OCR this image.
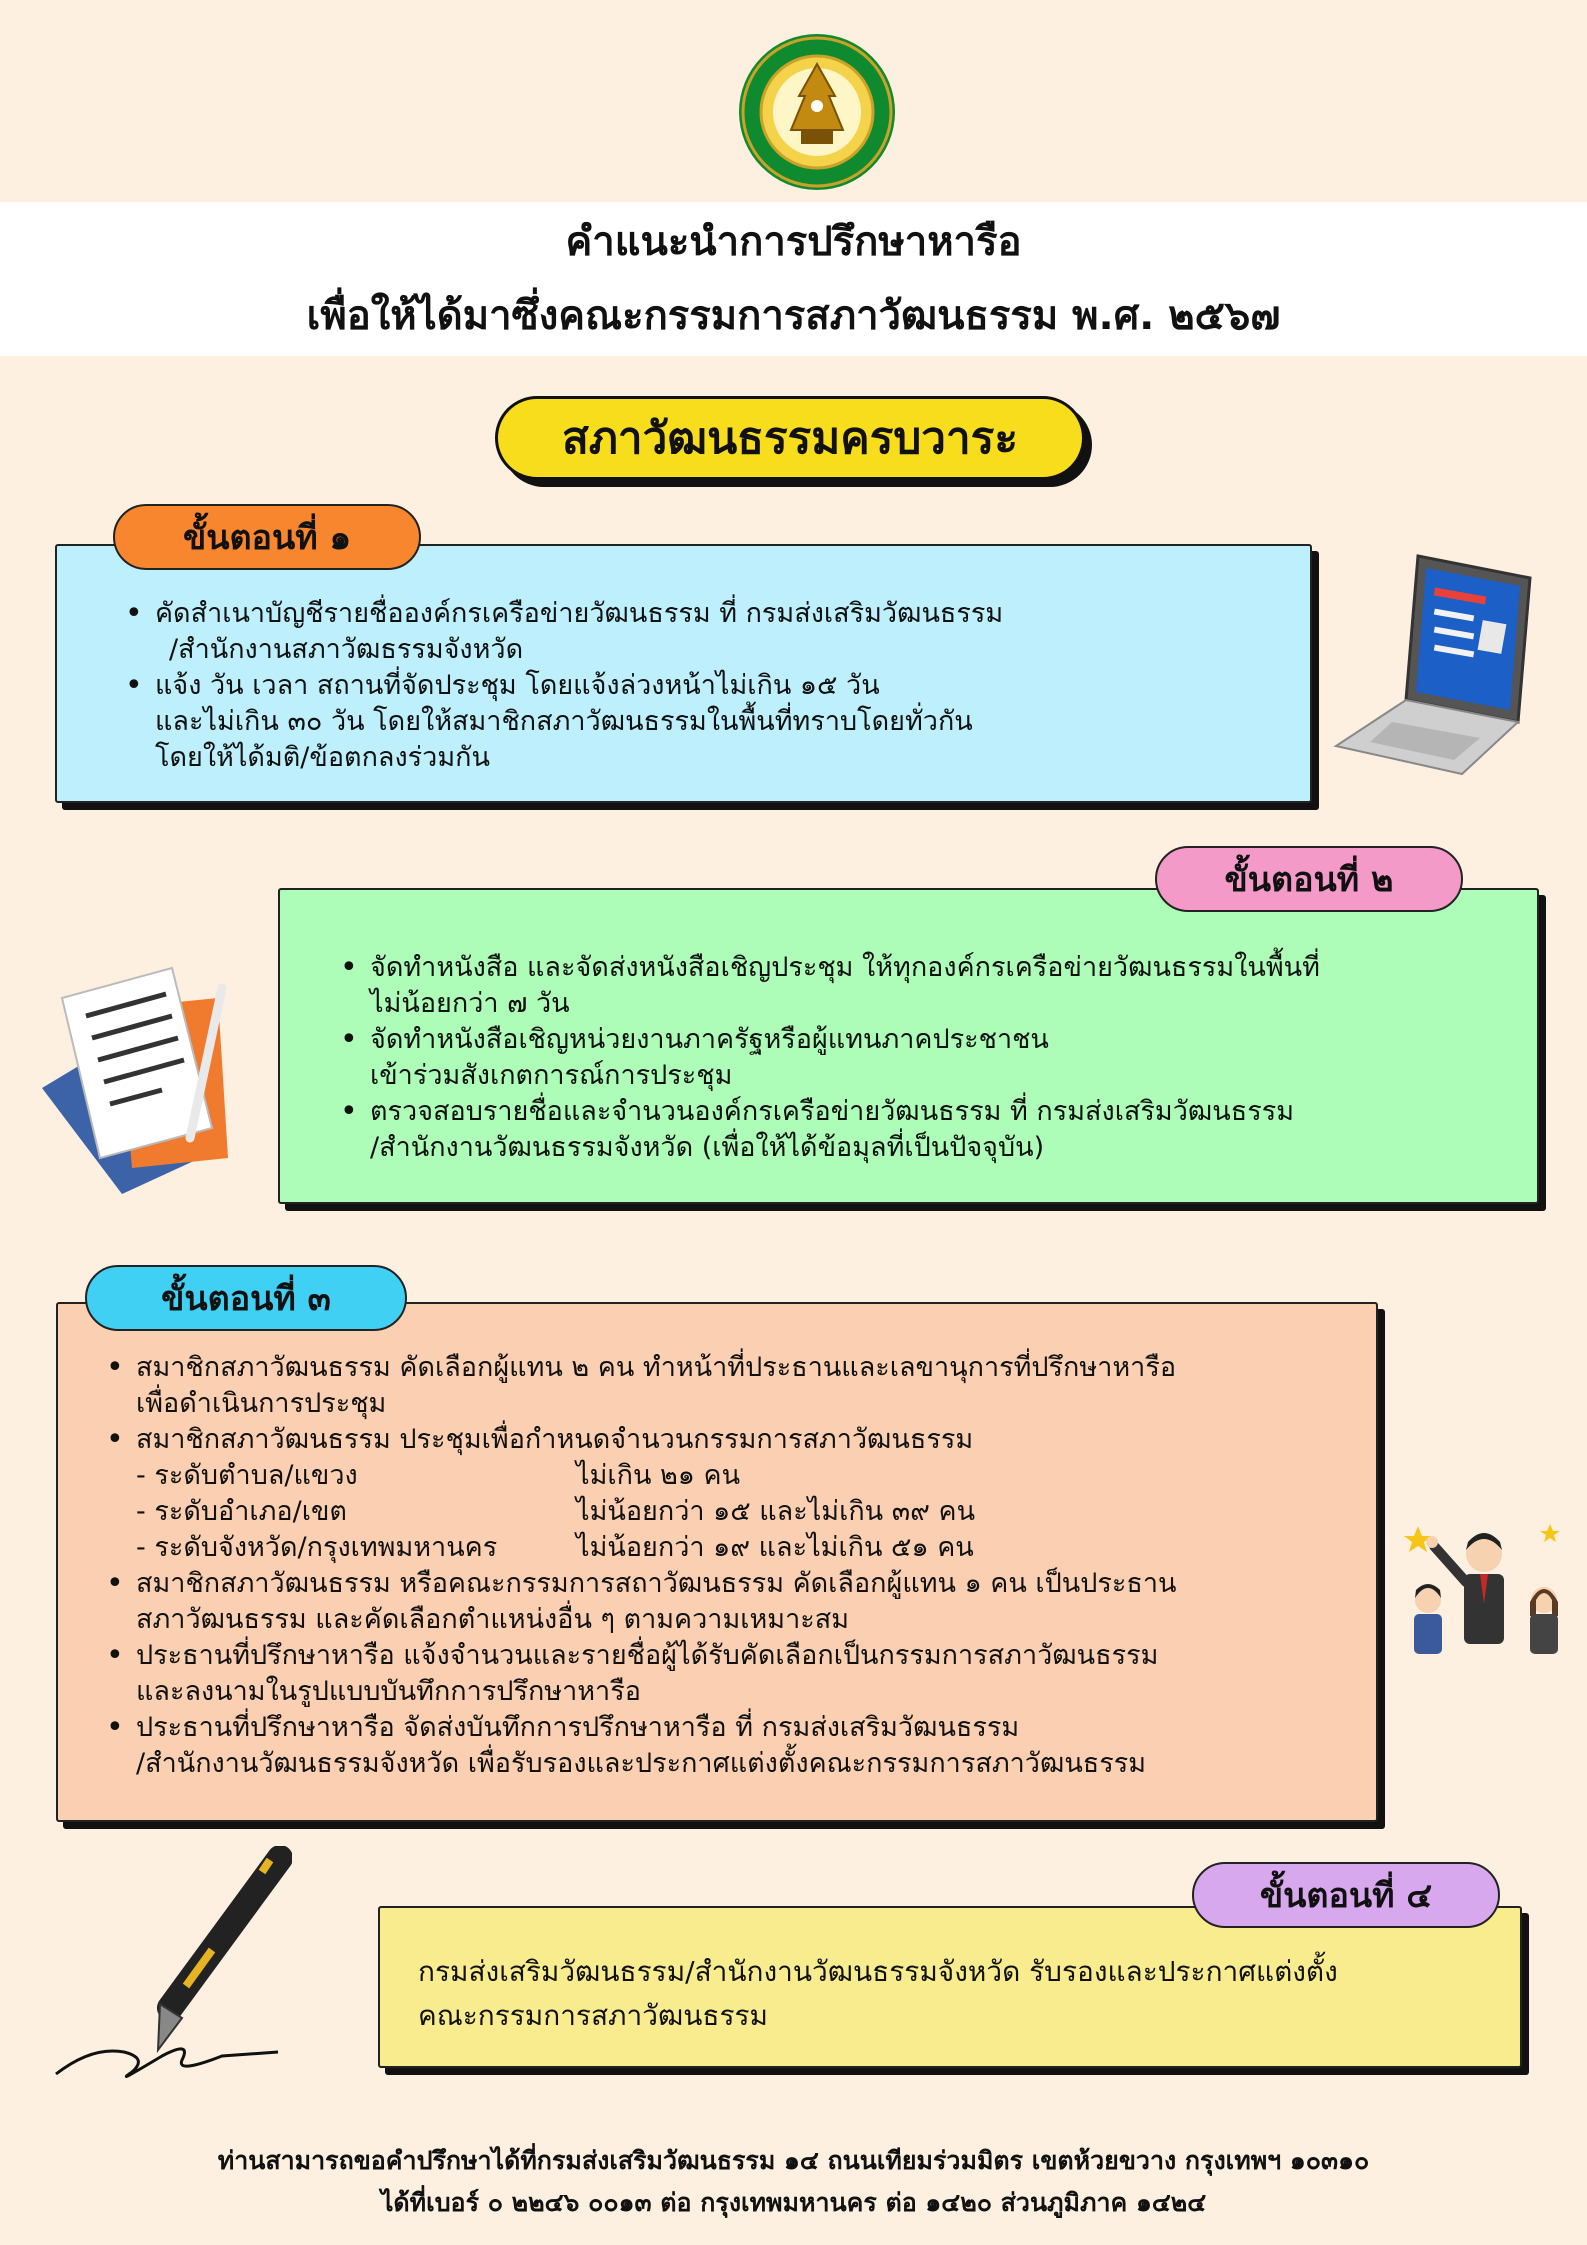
คำแนะนำการปรึกษาหารือ
เพื่อให้ได้มาซึ่งคณะกรรมการสภาวัฒนธรรม พ.ศ. ๒๕๖๗
สภาวัฒนธรรมครบวาระ
ขั้นตอนที่ ๑
• คัดสำเนาบัญชีรายชื่อองค์กรเครือข่ายวัฒนธรรม ที่ กรมส่งเสริมวัฒนธรรม
/สำนักงานสภาวัฒธรรมจังหวัด
• แจ้ง วัน เวลา สถานที่จัดประชุม โดยแจ้งล่วงหน้าไม่เกิน ๑๕ วัน
และไม่เกิน ๓๐ วัน โดยให้สมาชิกสภาวัฒนธรรมในพื้นที่ทราบโดยทั่วกัน
โดยให้ได้มติ/ข้อตกลงร่วมกัน
ขั้นตอนที่ ๒
• จัดทำหนังสือ และจัดส่งหนังสือเชิญประชุม ให้ทุกองค์กรเครือข่ายวัฒนธรรมในพื้นที่
ไม่น้อยกว่า ๗ วัน
• จัดทำหนังสือเชิญหน่วยงานภาครัฐหรือผู้แทนภาคประชาชน
เข้าร่วมสังเกตการณ์การประชุม
• ตรวจสอบรายชื่อและจำนวนองค์กรเครือข่ายวัฒนธรรม ที่ กรมส่งเสริมวัฒนธรรม
/สำนักงานวัฒนธรรมจังหวัด (เพื่อให้ได้ข้อมุลที่เป็นปัจจุบัน)
ขั้นตอนที่ ๓
• สมาชิกสภาวัฒนธรรม คัดเลือกผู้แทน ๒ คน ทำหน้าที่ประธานและเลขานุการที่ปรึกษาหารือ
เพื่อดำเนินการประชุม
• สมาชิกสภาวัฒนธรรม ประชุมเพื่อกำหนดจำนวนกรรมการสภาวัฒนธรรม
- ระดับตำบล/แขวง	ไม่เกิน ๒๑ คน
- ระดับอำเภอ/เขต	ไม่น้อยกว่า ๑๕ และไม่เกิน ๓๙ คน
- ระดับจังหวัด/กรุงเทพมหานคร	ไม่น้อยกว่า ๑๙ และไม่เกิน ๕๑ คน
• สมาชิกสภาวัฒนธรรม หรือคณะกรรมการสถาวัฒนธรรม คัดเลือกผู้แทน ๑ คน เป็นประธาน
สภาวัฒนธรรม และคัดเลือกตำแหน่งอื่น ๆ ตามความเหมาะสม
• ประธานที่ปรึกษาหารือ แจ้งจำนวนและรายชื่อผู้ได้รับคัดเลือกเป็นกรรมการสภาวัฒนธรรม
และลงนามในรูปแบบบันทึกการปรึกษาหารือ
• ประธานที่ปรึกษาหารือ จัดส่งบันทึกการปรึกษาหารือ ที่ กรมส่งเสริมวัฒนธรรม
/สำนักงานวัฒนธรรมจังหวัด เพื่อรับรองและประกาศแต่งตั้งคณะกรรมการสภาวัฒนธรรม
ขั้นตอนที่ ๔
กรมส่งเสริมวัฒนธรรม/สำนักงานวัฒนธรรมจังหวัด รับรองและประกาศแต่งตั้ง
คณะกรรมการสภาวัฒนธรรม
ท่านสามารถขอคำปรึกษาได้ที่กรมส่งเสริมวัฒนธรรม ๑๔ ถนนเทียมร่วมมิตร เขตห้วยขวาง กรุงเทพฯ ๑๐๓๑๐
ได้ที่เบอร์ ๐ ๒๒๔๖ ๐๐๑๓ ต่อ กรุงเทพมหานคร ต่อ ๑๔๒๐ ส่วนภูมิภาค ๑๔๒๔
